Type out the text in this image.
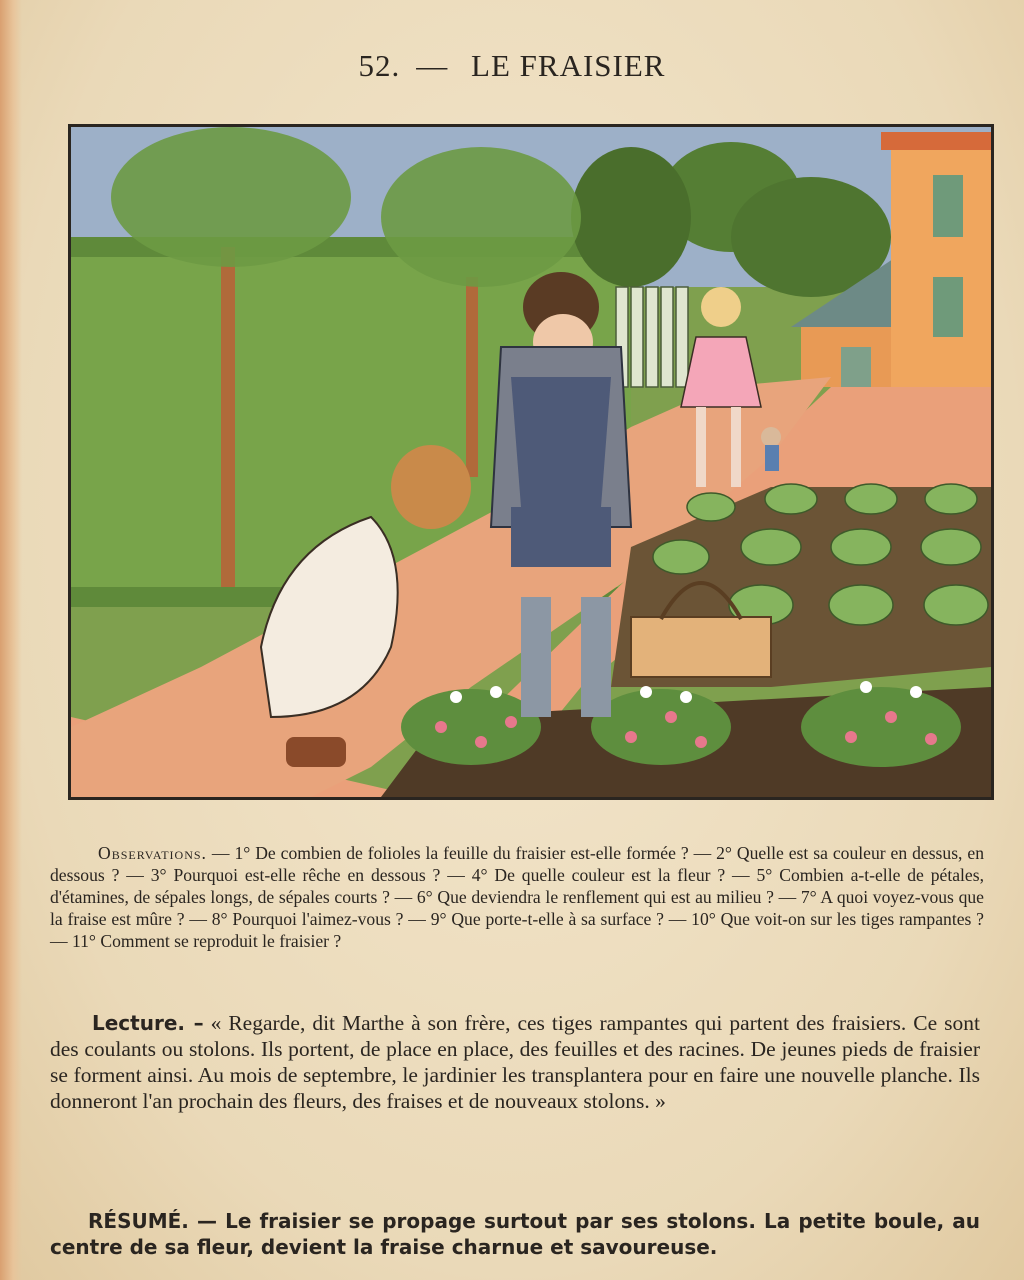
52. — LE FRAISIER
Observations. — 1° De combien de folioles la feuille du fraisier est-elle formée ? — 2° Quelle est sa couleur en dessus, en dessous ? — 3° Pourquoi est-elle rêche en dessous ? — 4° De quelle couleur est la fleur ? — 5° Combien a-t-elle de pétales, d'étamines, de sépales longs, de sépales courts ? — 6° Que deviendra le renflement qui est au milieu ? — 7° A quoi voyez-vous que la fraise est mûre ? — 8° Pourquoi l'aimez-vous ? — 9° Que porte-t-elle à sa surface ? — 10° Que voit-on sur les tiges rampantes ? — 11° Comment se reproduit le fraisier ?
Lecture. – « Regarde, dit Marthe à son frère, ces tiges rampantes qui partent des fraisiers. Ce sont des coulants ou stolons. Ils portent, de place en place, des feuilles et des racines. De jeunes pieds de fraisier se forment ainsi. Au mois de septembre, le jardinier les transplantera pour en faire une nouvelle planche. Ils donneront l'an prochain des fleurs, des fraises et de nouveaux stolons. »
RÉSUMÉ. — Le fraisier se propage surtout par ses stolons. La petite boule, au centre de sa fleur, devient la fraise charnue et savoureuse.
